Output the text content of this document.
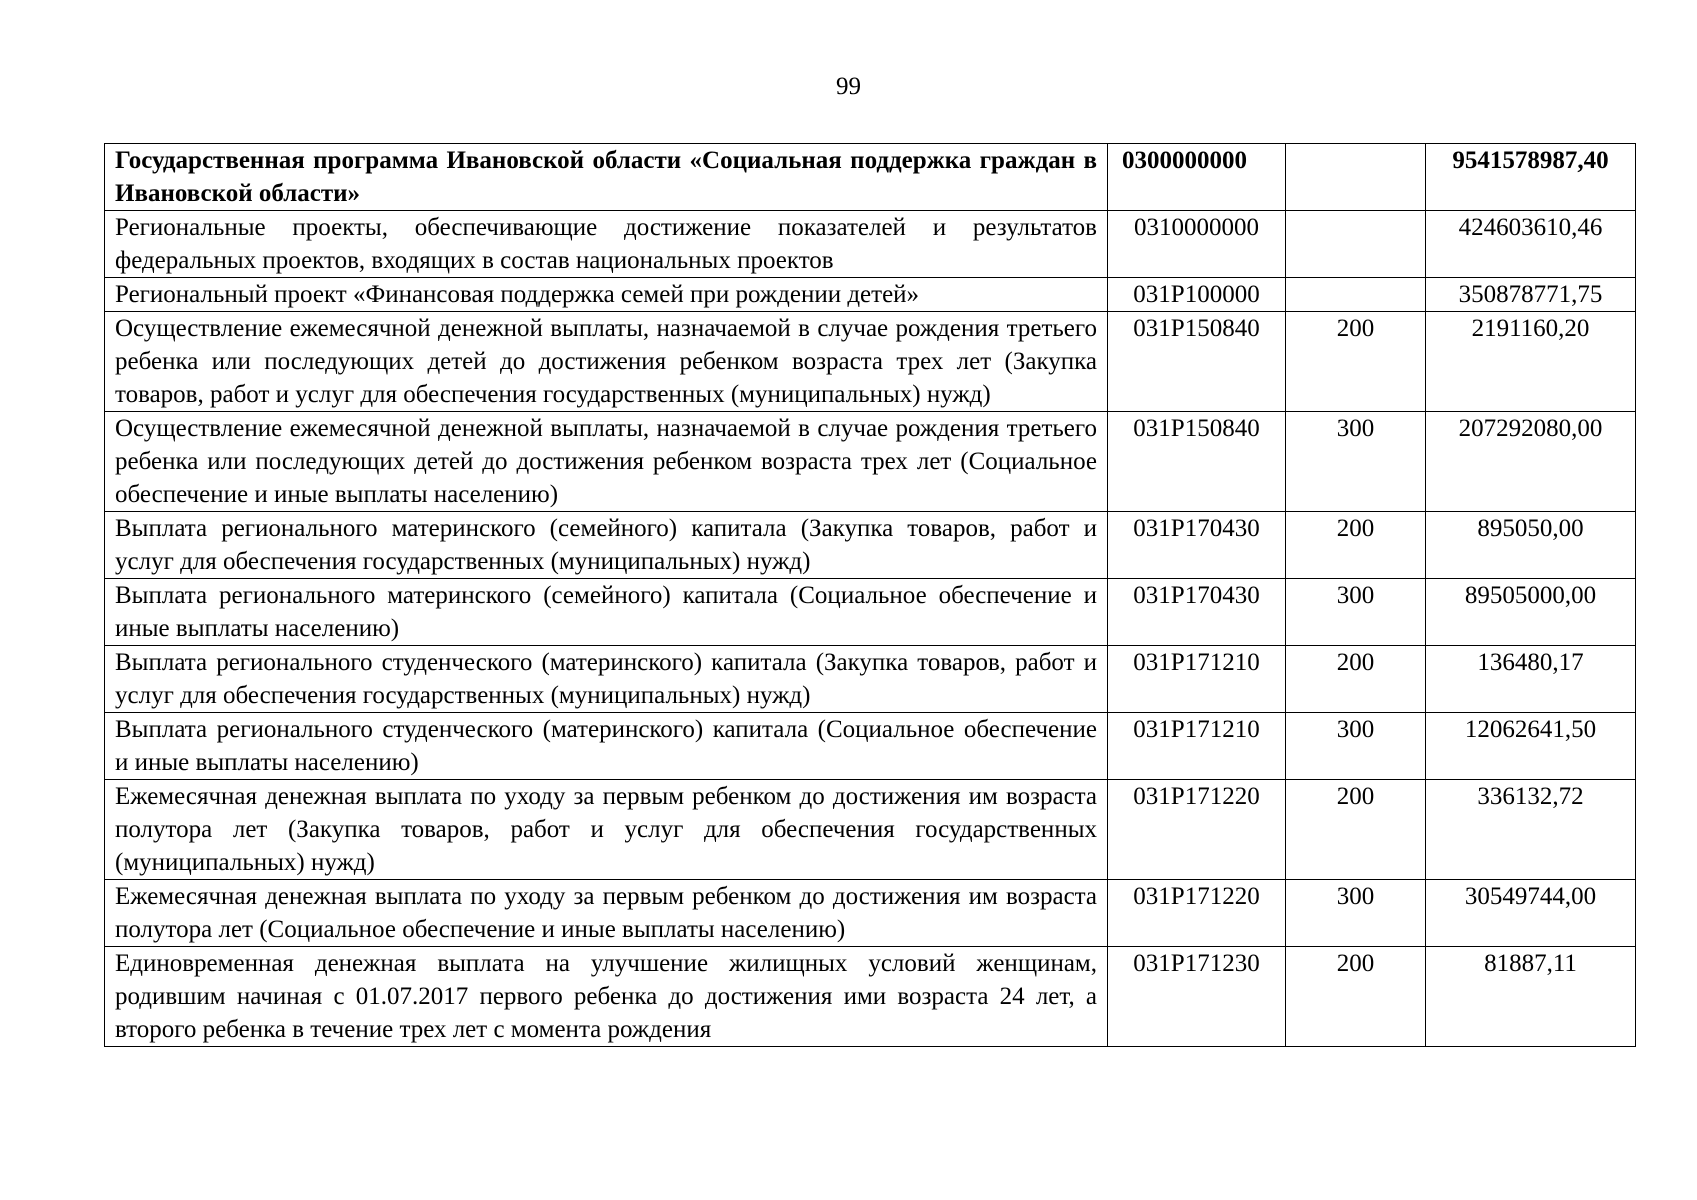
99
Государственная программа Ивановской области «Социальная поддержка граждан в Ивановской области»	0300000000		9541578987,40
Региональные проекты, обеспечивающие достижение показателей и результатов федеральных проектов, входящих в состав национальных проектов	0310000000		424603610,46
Региональный проект «Финансовая поддержка семей при рождении детей»	031P100000		350878771,75
Осуществление ежемесячной денежной выплаты, назначаемой в случае рождения третьего ребенка или последующих детей до достижения ребенком возраста трех лет (Закупка товаров, работ и услуг для обеспечения государственных (муниципальных) нужд)	031P150840	200	2191160,20
Осуществление ежемесячной денежной выплаты, назначаемой в случае рождения третьего ребенка или последующих детей до достижения ребенком возраста трех лет (Социальное обеспечение и иные выплаты населению)	031P150840	300	207292080,00
Выплата регионального материнского (семейного) капитала (Закупка товаров, работ и услуг для обеспечения государственных (муниципальных) нужд)	031P170430	200	895050,00
Выплата регионального материнского (семейного) капитала (Социальное обеспечение и иные выплаты населению)	031P170430	300	89505000,00
Выплата регионального студенческого (материнского) капитала (Закупка товаров, работ и услуг для обеспечения государственных (муниципальных) нужд)	031P171210	200	136480,17
Выплата регионального студенческого (материнского) капитала (Социальное обеспечение и иные выплаты населению)	031P171210	300	12062641,50
Ежемесячная денежная выплата по уходу за первым ребенком до достижения им возраста полутора лет (Закупка товаров, работ и услуг для обеспечения государственных (муниципальных) нужд)	031P171220	200	336132,72
Ежемесячная денежная выплата по уходу за первым ребенком до достижения им возраста полутора лет (Социальное обеспечение и иные выплаты населению)	031P171220	300	30549744,00
Единовременная денежная выплата на улучшение жилищных условий женщинам, родившим начиная с 01.07.2017 первого ребенка до достижения ими возраста 24 лет, а второго ребенка в течение трех лет с момента рождения	031P171230	200	81887,11
